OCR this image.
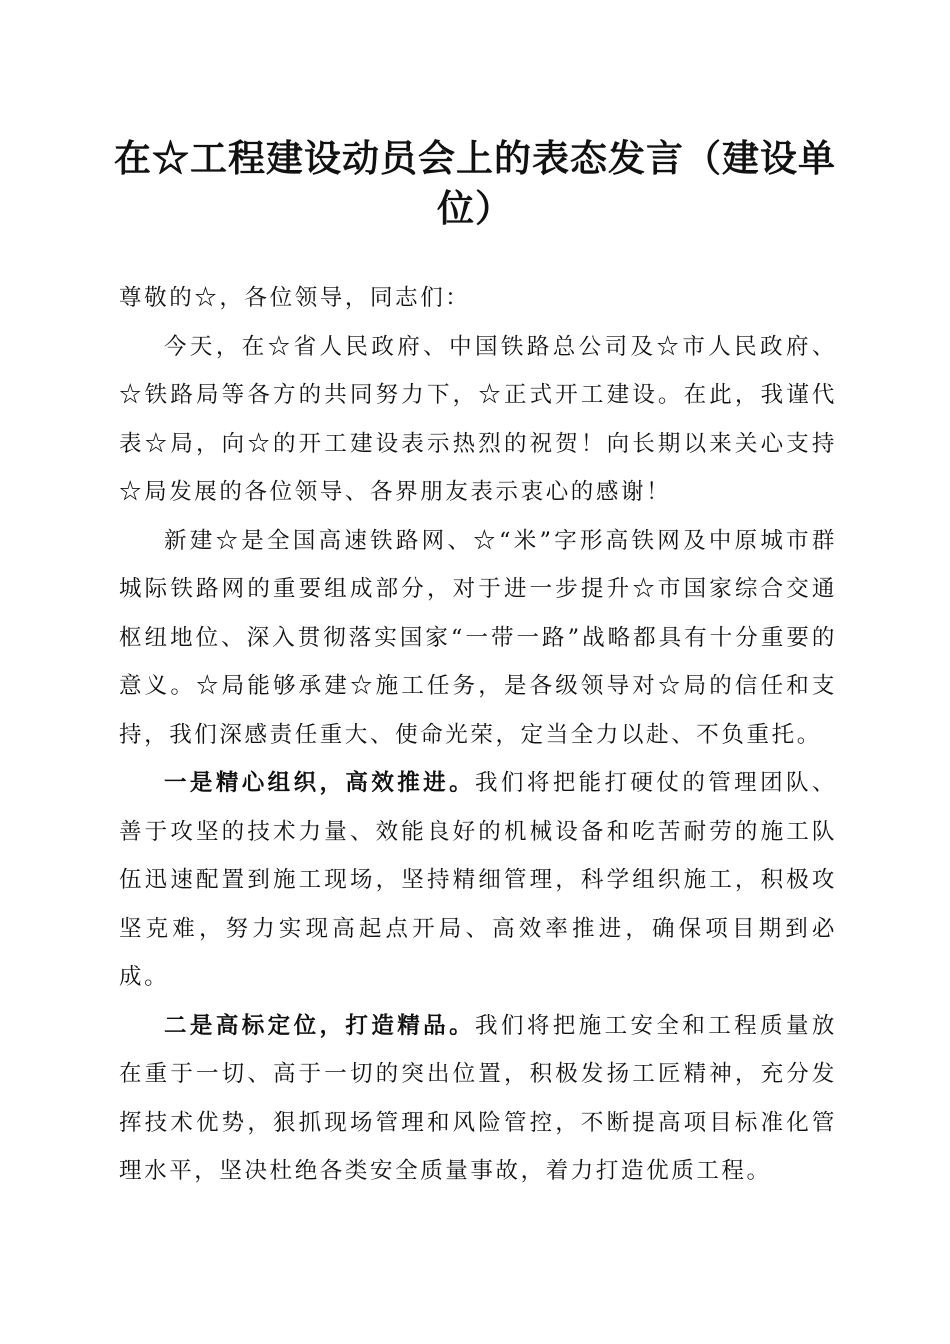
在☆工程建设动员会上的表态发言（建设单位）

尊敬的☆，各位领导，同志们：

今天，在☆省人民政府、中国铁路总公司及☆市人民政府、☆铁路局等各方的共同努力下，☆正式开工建设。在此，我谨代表☆局，向☆的开工建设表示热烈的祝贺！向长期以来关心支持☆局发展的各位领导、各界朋友表示衷心的感谢！

新建☆是全国高速铁路网、☆“米”字形高铁网及中原城市群城际铁路网的重要组成部分，对于进一步提升☆市国家综合交通枢纽地位、深入贯彻落实国家“一带一路”战略都具有十分重要的意义。☆局能够承建☆施工任务，是各级领导对☆局的信任和支持，我们深感责任重大、使命光荣，定当全力以赴、不负重托。

一是精心组织，高效推进。我们将把能打硬仗的管理团队、善于攻坚的技术力量、效能良好的机械设备和吃苦耐劳的施工队伍迅速配置到施工现场，坚持精细管理，科学组织施工，积极攻坚克难，努力实现高起点开局、高效率推进，确保项目期到必成。

二是高标定位，打造精品。我们将把施工安全和工程质量放在重于一切、高于一切的突出位置，积极发扬工匠精神，充分发挥技术优势，狠抓现场管理和风险管控，不断提高项目标准化管理水平，坚决杜绝各类安全质量事故，着力打造优质工程。
